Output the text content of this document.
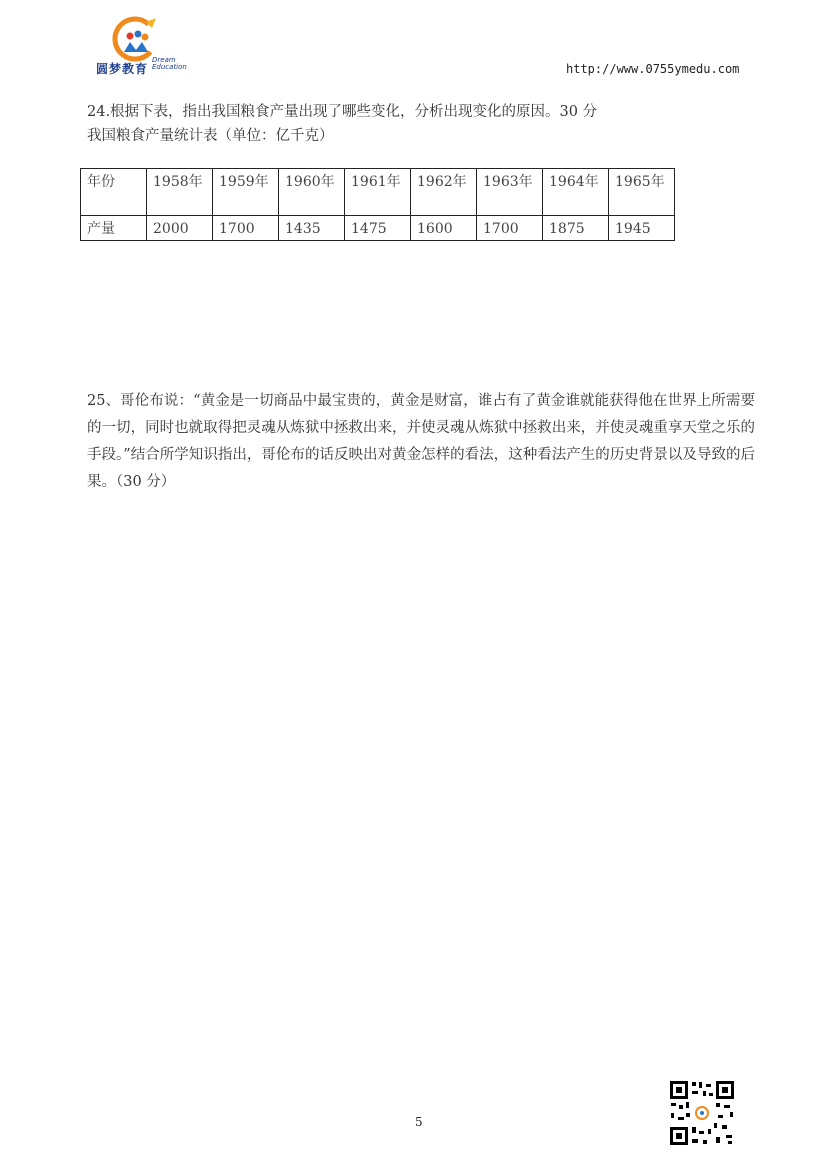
圆梦教育
Dream
Education	http://www.0755ymedu.com
24.根据下表，指出我国粮食产量出现了哪些变化，分析出现变化的原因。30 分
我国粮食产量统计表（单位：亿千克）
年份	1958年	1959年	1960年	1961年	1962年	1963年	1964年	1965年
产量	2000	1700	1435	1475	1600	1700	1875	1945
25、哥伦布说：“黄金是一切商品中最宝贵的，黄金是财富，谁占有了黄金谁就能获得他在世界上所需要的一切，同时也就取得把灵魂从炼狱中拯救出来，并使灵魂从炼狱中拯救出来，并使灵魂重享天堂之乐的手段。”结合所学知识指出，哥伦布的话反映出对黄金怎样的看法，这种看法产生的历史背景以及导致的后果。（30 分）
5
